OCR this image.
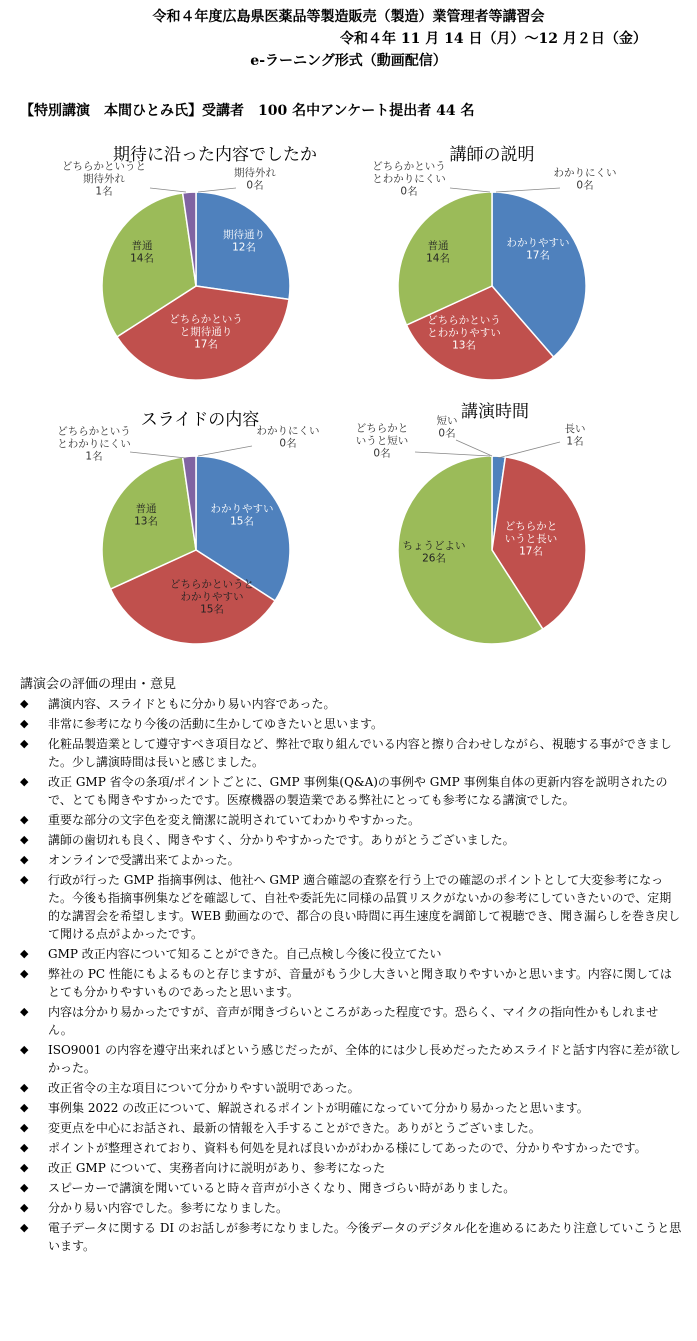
令和４年度広島県医薬品等製造販売（製造）業管理者等講習会
令和４年 11 月 14 日（月）～12 月２日（金）
e-ラーニング形式（動画配信）
【特別講演　本間ひとみ氏】受講者　100 名中アンケート提出者 44 名
期待に沿った内容でしたか
期待通り 12名
どちらかというと期待通り 17名
普通 14名
どちらかというと期待外れ 1名
期待外れ 0名
講師の説明
わかりやすい 17名
どちらかというとわかりやすい 13名
普通 14名
どちらかというとわかりにくい 0名
わかりにくい 0名
スライドの内容
わかりやすい 15名
どちらかというとわかりやすい 15名
普通 13名
どちらかというとわかりにくい 1名
わかりにくい 0名
講演時間
長い 1名
どちらかというと長い 17名
ちょうどよい 26名
どちらかというと短い 0名
短い 0名
講演会の評価の理由・意見
◆ 講演内容、スライドともに分かり易い内容であった。
◆ 非常に参考になり今後の活動に生かしてゆきたいと思います。
◆ 化粧品製造業として遵守すべき項目など、弊社で取り組んでいる内容と擦り合わせしながら、視聴する事ができました。少し講演時間は長いと感じました。
◆ 改正 GMP 省令の条項/ポイントごとに、GMP 事例集(Q&A)の事例や GMP 事例集自体の更新内容を説明されたので、とても聞きやすかったです。医療機器の製造業である弊社にとっても参考になる講演でした。
◆ 重要な部分の文字色を変え簡潔に説明されていてわかりやすかった。
◆ 講師の歯切れも良く、聞きやすく、分かりやすかったです。ありがとうございました。
◆ オンラインで受講出来てよかった。
◆ 行政が行った GMP 指摘事例は、他社へ GMP 適合確認の査察を行う上での確認のポイントとして大変参考になった。今後も指摘事例集などを確認して、自社や委託先に同様の品質リスクがないかの参考にしていきたいので、定期的な講習会を希望します。WEB 動画なので、都合の良い時間に再生速度を調節して視聴でき、聞き漏らしを巻き戻して聞ける点がよかったです。
◆ GMP 改正内容について知ることができた。自己点検し今後に役立てたい
◆ 弊社の PC 性能にもよるものと存じますが、音量がもう少し大きいと聞き取りやすいかと思います。内容に関してはとても分かりやすいものであったと思います。
◆ 内容は分かり易かったですが、音声が聞きづらいところがあった程度です。恐らく、マイクの指向性かもしれません。
◆ ISO9001 の内容を遵守出来ればという感じだったが、全体的には少し長めだったためスライドと話す内容に差が欲しかった。
◆ 改正省令の主な項目について分かりやすい説明であった。
◆ 事例集 2022 の改正について、解説されるポイントが明確になっていて分かり易かったと思います。
◆ 変更点を中心にお話され、最新の情報を入手することができた。ありがとうございました。
◆ ポイントが整理されており、資料も何処を見れば良いかがわかる様にしてあったので、分かりやすかったです。
◆ 改正 GMP について、実務者向けに説明があり、参考になった
◆ スピーカーで講演を聞いていると時々音声が小さくなり、聞きづらい時がありました。
◆ 分かり易い内容でした。参考になりました。
◆ 電子データに関する DI のお話しが参考になりました。今後データのデジタル化を進めるにあたり注意していこうと思います。
